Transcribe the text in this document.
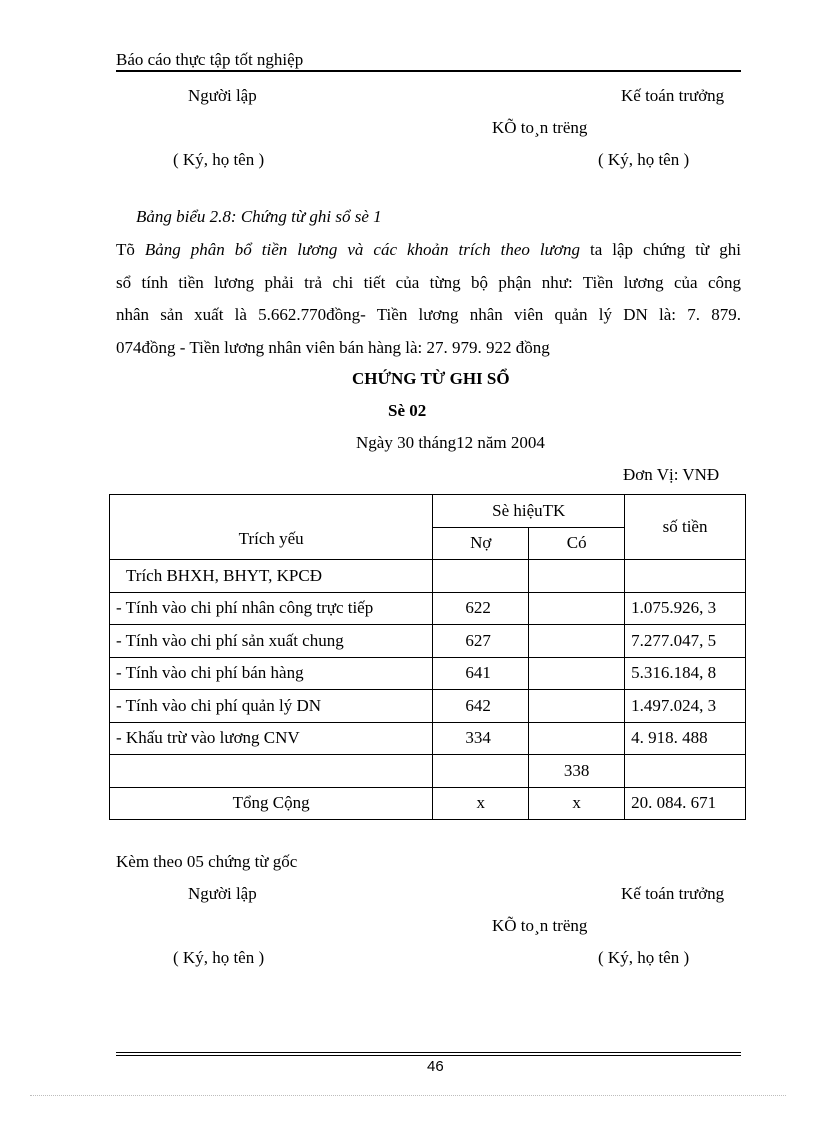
Báo cáo thực tập tốt nghiệp
Người lập	Kế toán trưởng
KÕ to¸n trëng
( Ký, họ tên )	( Ký, họ tên )
Bảng biểu 2.8: Chứng từ ghi sổ sè 1
Tõ Bảng phân bổ tiền lương và các khoản trích theo lương ta lập chứng từ ghi
sổ tính tiền lương phải trả chi tiết của từng bộ phận như: Tiền lương của công
nhân sản xuất là 5.662.770đồng- Tiền lương nhân viên quản lý DN là: 7. 879.
074đồng - Tiền lương nhân viên bán hàng là: 27. 979. 922 đồng
CHỨNG TỪ GHI SỔ
Sè 02
Ngày 30 tháng12 năm 2004
Đơn Vị: VNĐ
Trích yếu	Sè hiệuTK		số tiền
	Nợ	Có	
Trích BHXH, BHYT, KPCĐ			
- Tính vào chi phí nhân công trực tiếp	622		1.075.926, 3
- Tính vào chi phí sản xuất chung	627		7.277.047, 5
- Tính vào chi phí bán hàng	641		5.316.184, 8
- Tính vào chi phí quản lý DN	642		1.497.024, 3
- Khấu trừ vào lương CNV	334		4. 918. 488
		338	
Tổng Cộng	x	x	20. 084. 671
Kèm theo 05 chứng từ gốc
Người lập	Kế toán trưởng
KÕ to¸n trëng
( Ký, họ tên )	( Ký, họ tên )
46
